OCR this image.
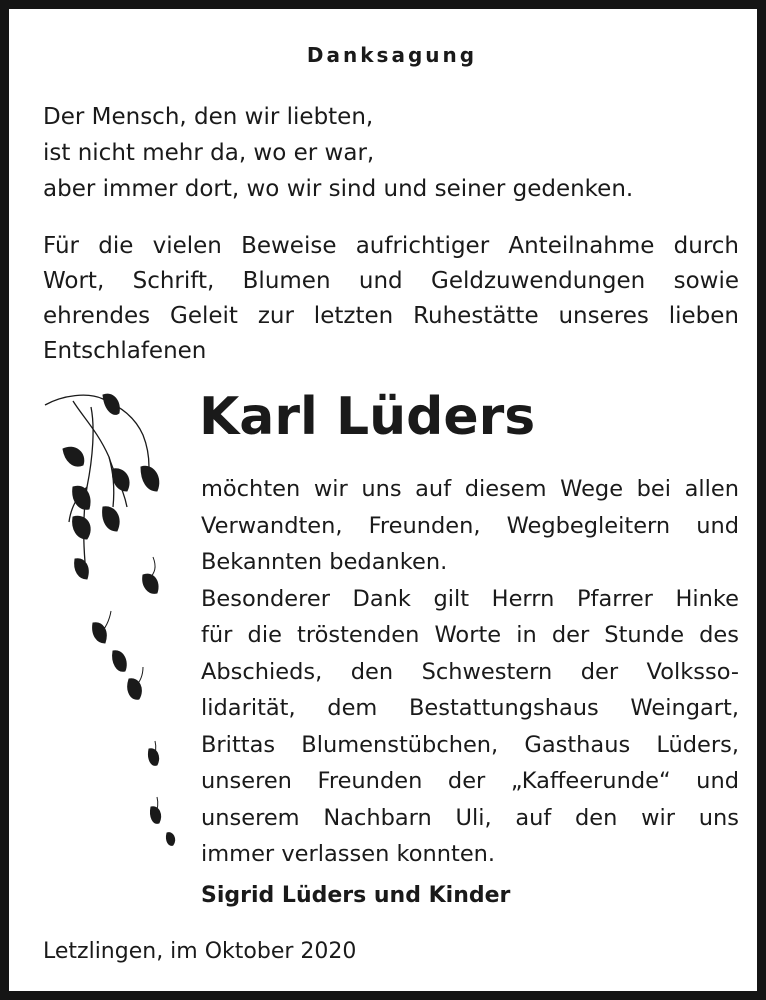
Danksagung
Der Mensch, den wir liebten,
ist nicht mehr da, wo er war,
aber immer dort, wo wir sind und seiner gedenken.
Für die vielen Beweise aufrichtiger Anteilnahme durch
Wort, Schrift, Blumen und Geldzuwendungen sowie
ehrendes Geleit zur letzten Ruhestätte unseres lieben
Entschlafenen
Karl Lüders
möchten wir uns auf diesem Wege bei allen
Verwandten, Freunden, Wegbegleitern und
Bekannten bedanken.
Besonderer Dank gilt Herrn Pfarrer Hinke
für die tröstenden Worte in der Stunde des
Abschieds, den Schwestern der Volksso-
lidarität, dem Bestattungshaus Weingart,
Brittas Blumenstübchen, Gasthaus Lüders,
unseren Freunden der „Kaffeerunde“ und
unserem Nachbarn Uli, auf den wir uns
immer verlassen konnten.
Sigrid Lüders und Kinder
Letzlingen, im Oktober 2020
